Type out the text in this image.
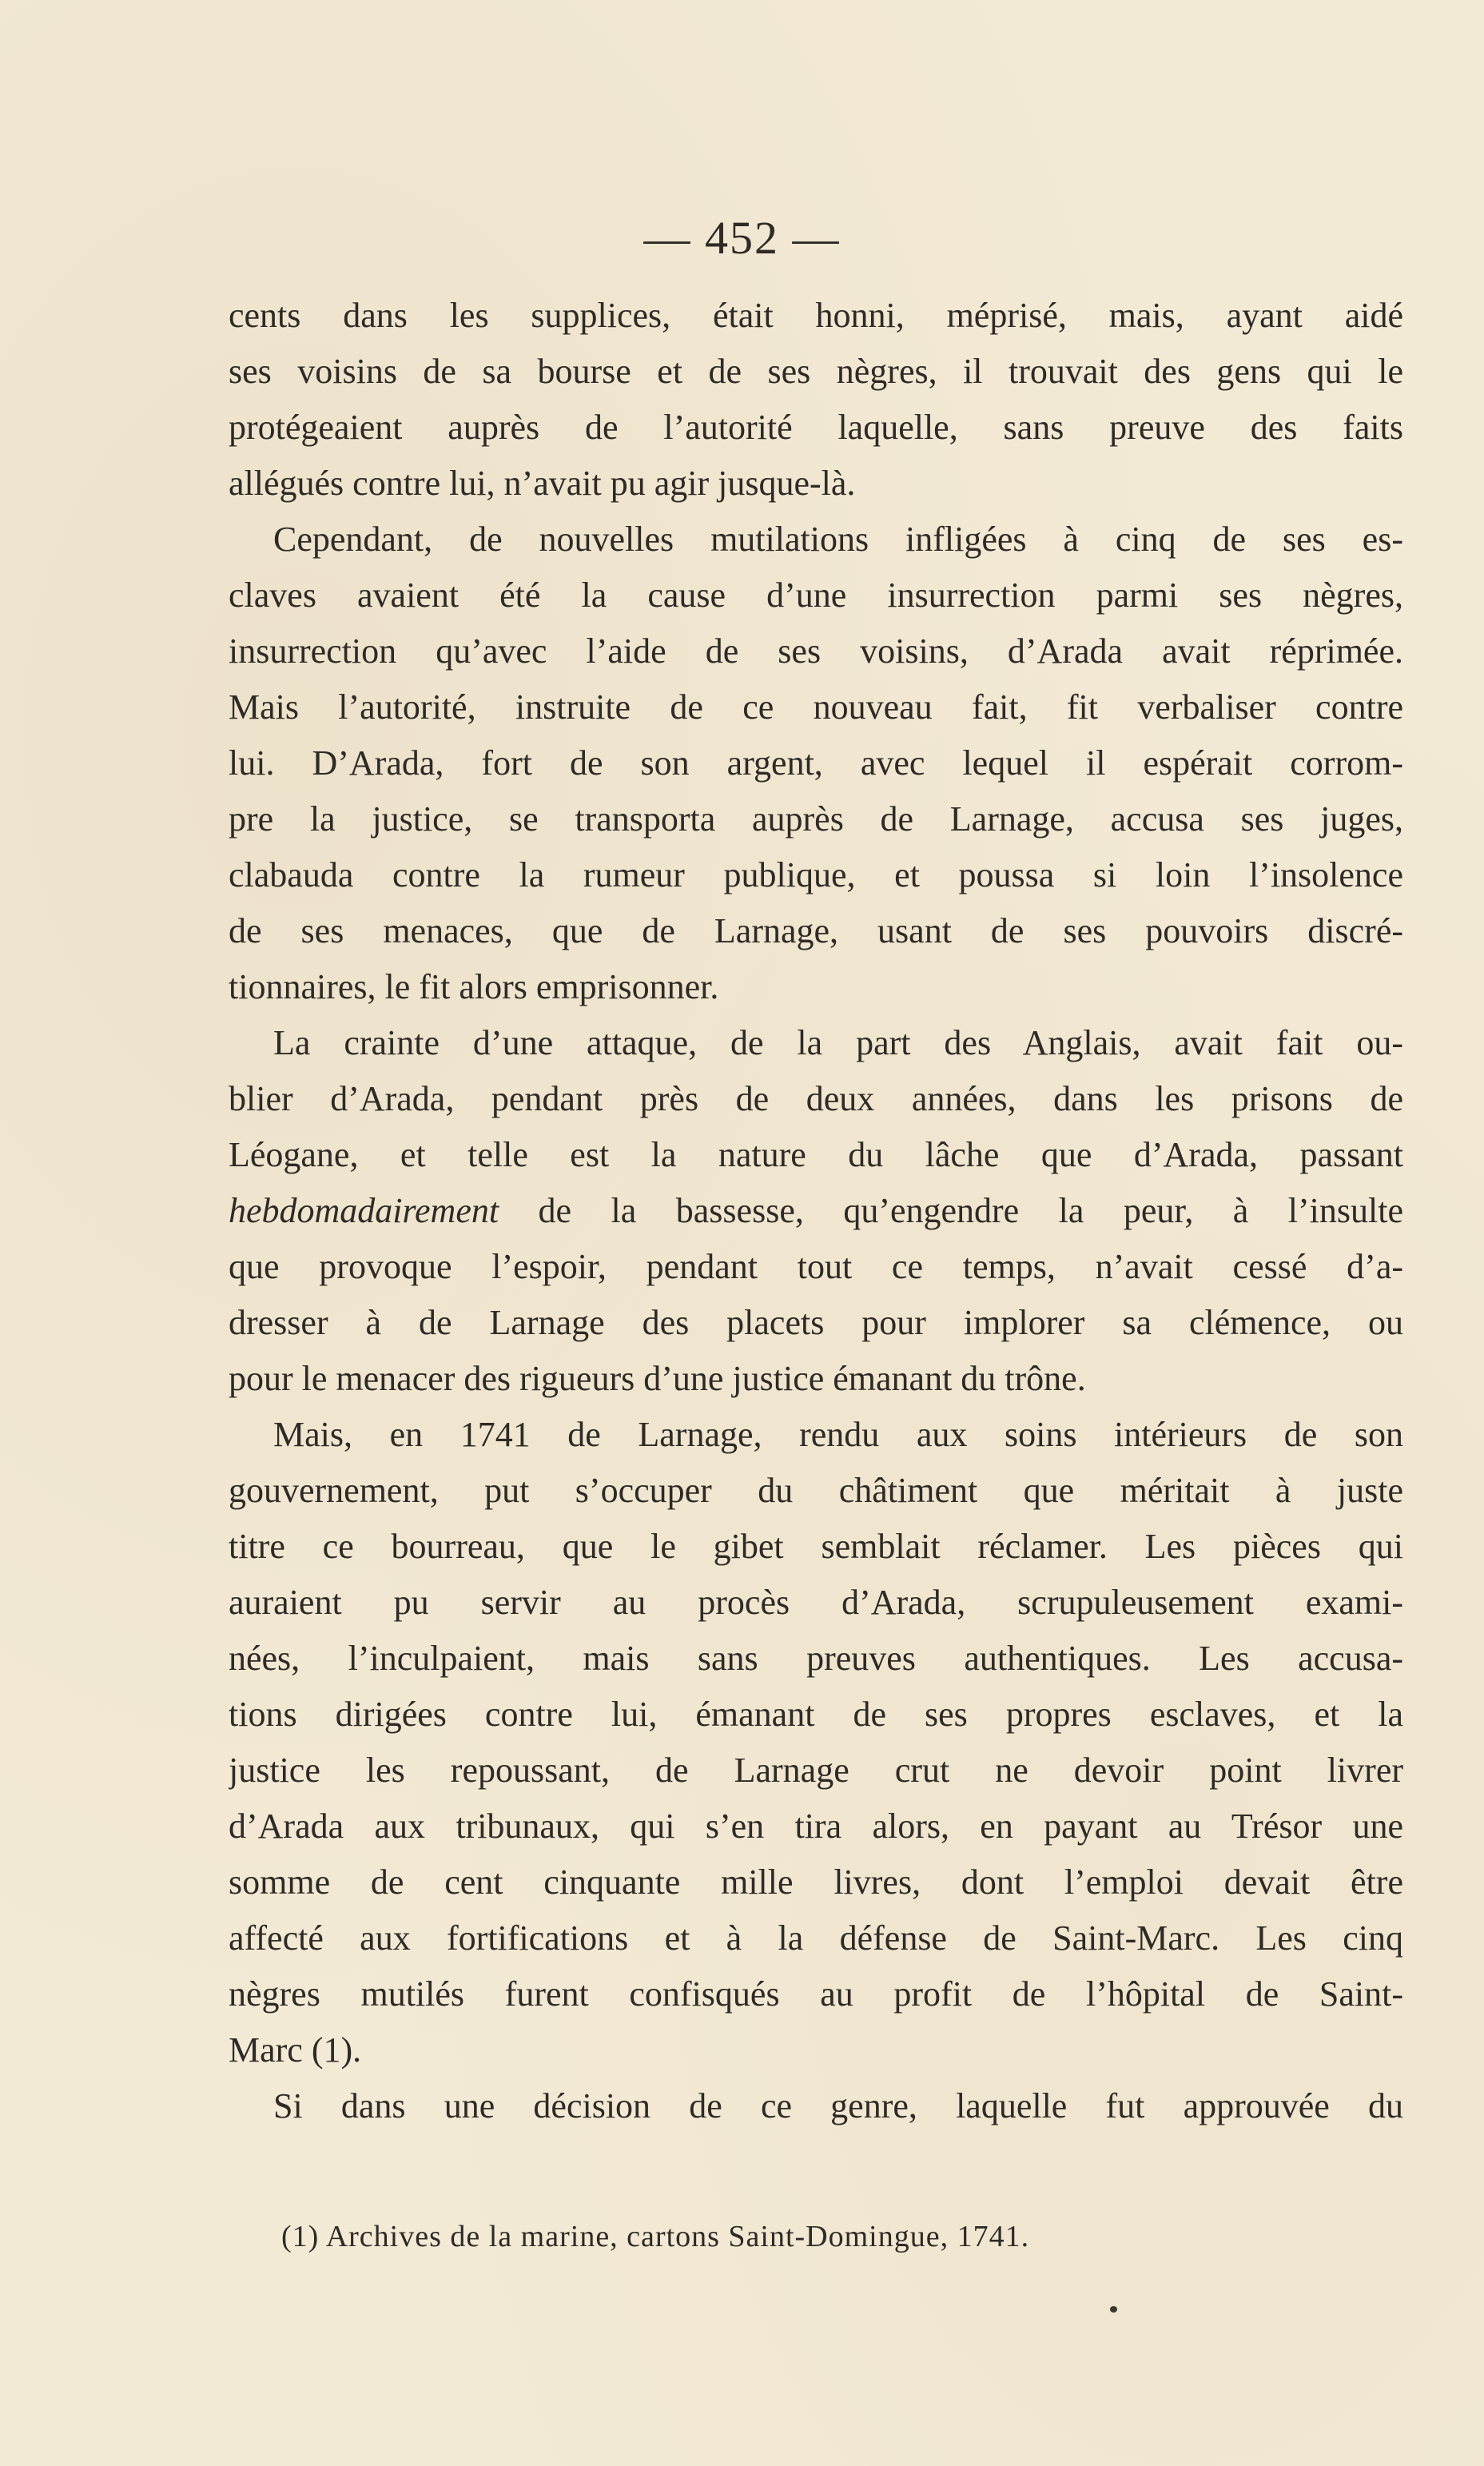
— 452 —
cents dans les supplices, était honni, méprisé, mais, ayant aidé
ses voisins de sa bourse et de ses nègres, il trouvait des gens qui le
protégeaient auprès de l’autorité laquelle, sans preuve des faits
allégués contre lui, n’avait pu agir jusque-là.
Cependant, de nouvelles mutilations infligées à cinq de ses es-
claves avaient été la cause d’une insurrection parmi ses nègres,
insurrection qu’avec l’aide de ses voisins, d’Arada avait réprimée.
Mais l’autorité, instruite de ce nouveau fait, fit verbaliser contre
lui. D’Arada, fort de son argent, avec lequel il espérait corrom-
pre la justice, se transporta auprès de Larnage, accusa ses juges,
clabauda contre la rumeur publique, et poussa si loin l’insolence
de ses menaces, que de Larnage, usant de ses pouvoirs discré-
tionnaires, le fit alors emprisonner.
La crainte d’une attaque, de la part des Anglais, avait fait ou-
blier d’Arada, pendant près de deux années, dans les prisons de
Léogane, et telle est la nature du lâche que d’Arada, passant
hebdomadairement de la bassesse, qu’engendre la peur, à l’insulte
que provoque l’espoir, pendant tout ce temps, n’avait cessé d’a-
dresser à de Larnage des placets pour implorer sa clémence, ou
pour le menacer des rigueurs d’une justice émanant du trône.
Mais, en 1741 de Larnage, rendu aux soins intérieurs de son
gouvernement, put s’occuper du châtiment que méritait à juste
titre ce bourreau, que le gibet semblait réclamer. Les pièces qui
auraient pu servir au procès d’Arada, scrupuleusement exami-
nées, l’inculpaient, mais sans preuves authentiques. Les accusa-
tions dirigées contre lui, émanant de ses propres esclaves, et la
justice les repoussant, de Larnage crut ne devoir point livrer
d’Arada aux tribunaux, qui s’en tira alors, en payant au Trésor une
somme de cent cinquante mille livres, dont l’emploi devait être
affecté aux fortifications et à la défense de Saint-Marc. Les cinq
nègres mutilés furent confisqués au profit de l’hôpital de Saint-
Marc (1).
Si dans une décision de ce genre, laquelle fut approuvée du
(1) Archives de la marine, cartons Saint-Domingue, 1741.
